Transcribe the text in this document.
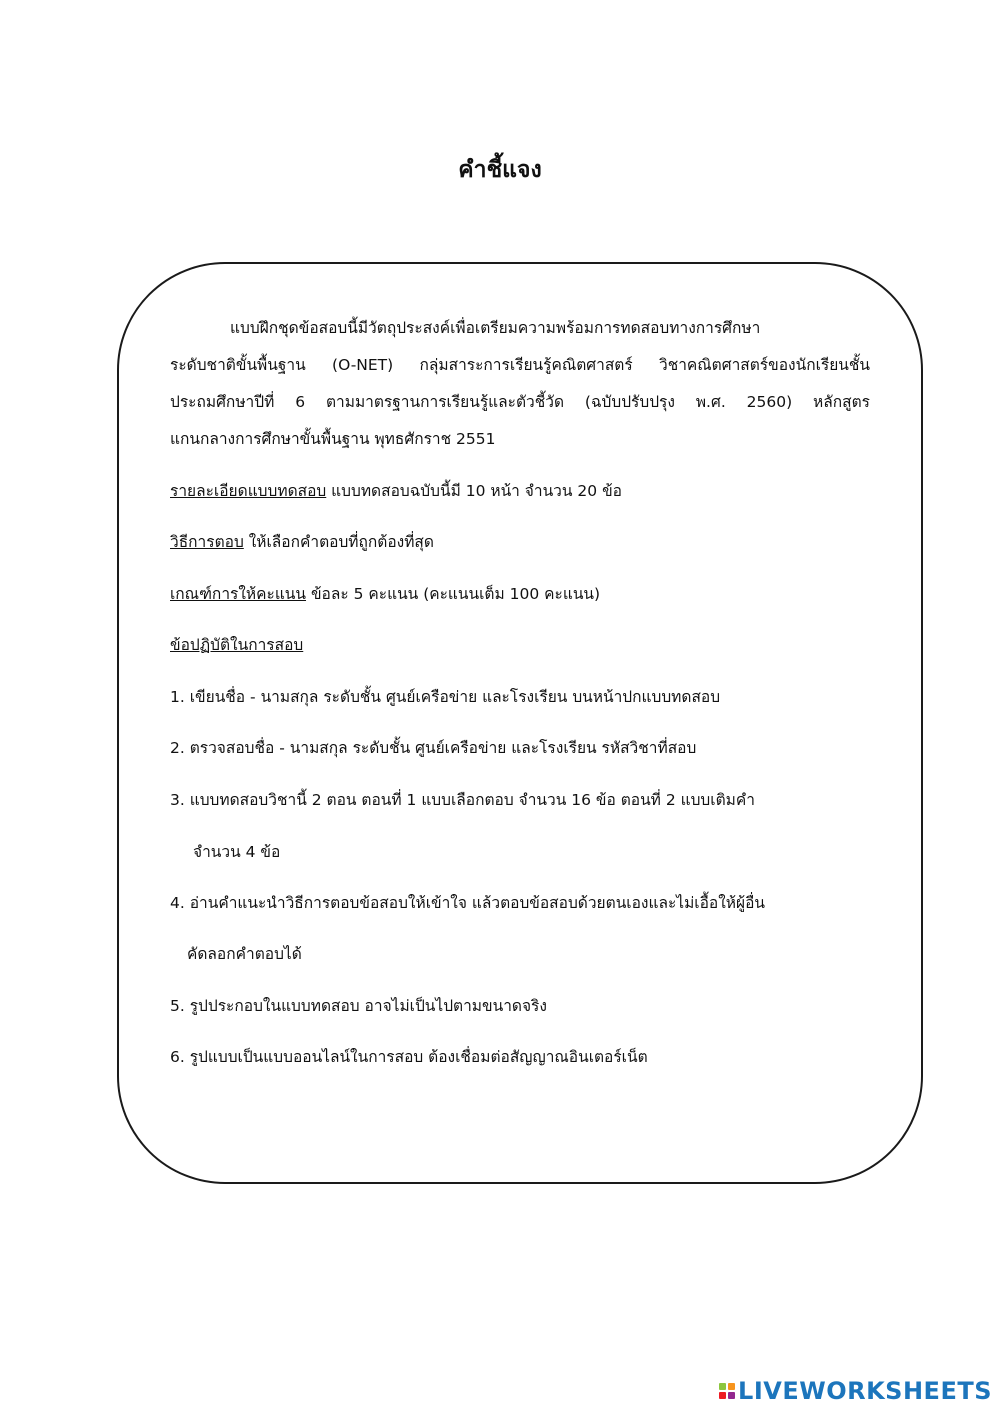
คำชี้แจง
แบบฝึกชุดข้อสอบนี้มีวัตถุประสงค์เพื่อเตรียมความพร้อมการทดสอบทางการศึกษา
ระดับชาติขั้นพื้นฐาน (O-NET) กลุ่มสาระการเรียนรู้คณิตศาสตร์ วิชาคณิตศาสตร์ของนักเรียนชั้น
ประถมศึกษาปีที่ 6 ตามมาตรฐานการเรียนรู้และตัวชี้วัด (ฉบับปรับปรุง พ.ศ. 2560) หลักสูตร
แกนกลางการศึกษาขั้นพื้นฐาน พุทธศักราช 2551
รายละเอียดแบบทดสอบ แบบทดสอบฉบับนี้มี 10 หน้า จำนวน 20 ข้อ
วิธีการตอบ ให้เลือกคำตอบที่ถูกต้องที่สุด
เกณฑ์การให้คะแนน ข้อละ 5 คะแนน (คะแนนเต็ม 100 คะแนน)
ข้อปฏิบัติในการสอบ
1. เขียนชื่อ - นามสกุล ระดับชั้น ศูนย์เครือข่าย และโรงเรียน บนหน้าปกแบบทดสอบ
2. ตรวจสอบชื่อ - นามสกุล ระดับชั้น ศูนย์เครือข่าย และโรงเรียน รหัสวิชาที่สอบ
3. แบบทดสอบวิชานี้ 2 ตอน ตอนที่ 1 แบบเลือกตอบ จำนวน 16 ข้อ ตอนที่ 2 แบบเติมคำ
จำนวน 4 ข้อ
4. อ่านคำแนะนำวิธีการตอบข้อสอบให้เข้าใจ แล้วตอบข้อสอบด้วยตนเองและไม่เอื้อให้ผู้อื่น
คัดลอกคำตอบได้
5. รูปประกอบในแบบทดสอบ อาจไม่เป็นไปตามขนาดจริง
6. รูปแบบเป็นแบบออนไลน์ในการสอบ ต้องเชื่อมต่อสัญญาณอินเตอร์เน็ต
LIVEWORKSHEETS
